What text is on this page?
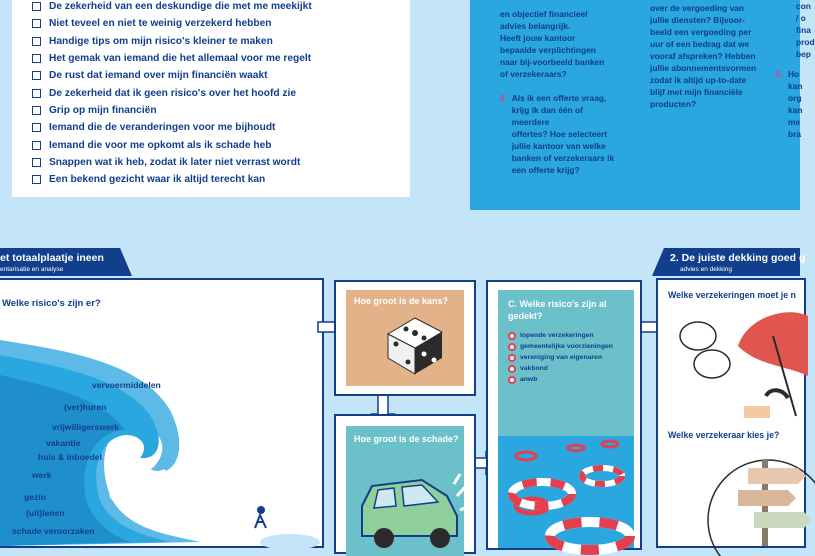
De zekerheid van een deskundige die met me meekijkt
Niet teveel en niet te weinig verzekerd hebben
Handige tips om mijn risico's kleiner te maken
Het gemak van iemand die het allemaal voor me regelt
De rust dat iemand over mijn financiën waakt
De zekerheid dat ik geen risico's over het hoofd zie
Grip op mijn financiën
Iemand die de veranderingen voor me bijhoudt
Iemand die voor me opkomt als ik schade heb
Snappen wat ik heb, zodat ik later niet verrast wordt
Een bekend gezicht waar ik altijd terecht kan
en objectief financieel
advies belangrijk.
Heeft jouw kantoor
bepaalde verplichtingen
naar bij-voorbeeld banken
of verzekeraars?
2. Als ik een offerte vraag,
krijg ik dan één of meerdere
offertes? Hoe selecteert
jullie kantoor van welke
banken of verzekeraars ik
een offerte krijg?
over de vergoeding van
jullie diensten? Bijvoor-
beeld een vergoeding per
uur of een bedrag dat we
vooraf afspreken? Hebben
jullie abonnementsvormen
zodat ik altijd up-to-date
blijf met mijn financiële
producten?
con
/ o
fina
prod
bep
5. Ho
kan
org
kan
me
bra
et totaalplaatje ineen
entarisatie en analyse
Welke risico's zijn er?
vervoermiddelen
(ver)huren
vrijwilligerswerk
vakantie
huis & inboedel
werk
gezin
(uit)lenen
schade veroorzaken
Hoe groot is de kans?
Hoe groot is de schade?
C. Welke risico's zijn al gedekt?
lopende verzekeringen
gemeentelijke voorzieningen
vereniging van eigenaren
vakbond
anwb
2. De juiste dekking goed g
advies en dekking
Welke verzekeringen moet je n
Welke verzekeraar kies je?
